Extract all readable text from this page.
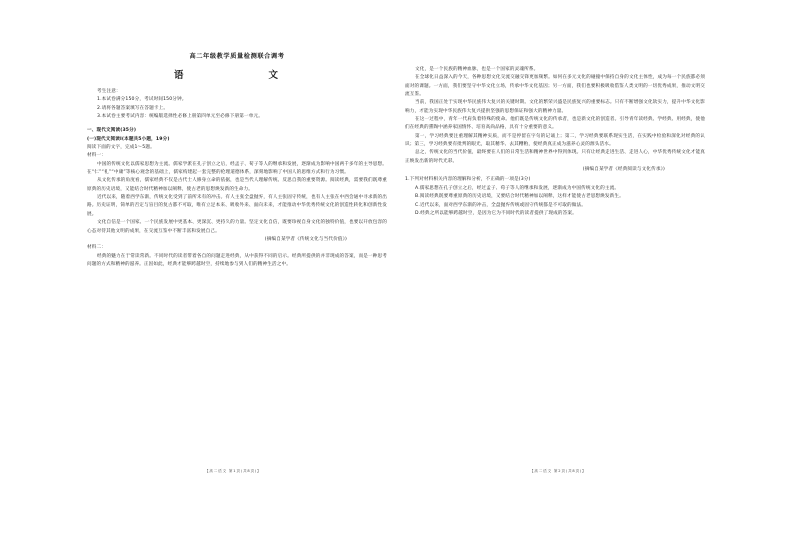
高二年级教学质量检测联合调考
语　　文

考生注意：

1.本试卷满分150分，考试时间150分钟。

2.请将各题答案填写在答题卡上。

3.本试卷主要考试内容：统编版选择性必修上册第四单元至必修下册第一单元。

一、现代文阅读(35分)

(一)现代文阅读Ⅰ(本题共5小题，19分)

阅读下面的文字，完成1～5题。

材料一：

中国的传统文化以儒家思想为主流。儒家学派在孔子创立之后，经孟子、荀子等人的继承和发展，逐渐成为影响中国两千多年的主导思想。在“仁”“礼”“中庸”等核心观念的基础上，儒家构建起一套完整的伦理道德体系，深刻地影响了中国人的思维方式和行为习惯。

从文化传承的角度看，儒家经典不仅是古代士人修身立命的依据，也是当代人理解传统、反思自我的重要资源。阅读经典，需要我们既尊重原典的历史语境，又能结合时代精神加以阐释，使古老的思想焕发新的生命力。

近代以来，随着西学东渐，传统文化受到了前所未有的冲击。有人主张全盘抛弃，有人主张固守传统，也有人主张在中西会通中寻求新的出路。历史证明，简单的否定与盲目的复古都不可取，唯有立足本来、吸收外来、面向未来，才能推动中华优秀传统文化的创造性转化和创新性发展。

文化自信是一个国家、一个民族发展中更基本、更深沉、更持久的力量。坚定文化自信，既要珍视自身文化的独特价值，也要以开放包容的心态对待其他文明的成果，在交流互鉴中不断丰富和发展自己。

(摘编自某学者《传统文化与当代价值》)

材料二：

经典的魅力在于常读常新。不同时代的读者带着各自的问题走进经典，从中获得不同的启示。经典所提供的并非现成的答案，而是一种思考问题的方式和精神的滋养。正因如此，经典才能够跨越时空，持续地参与到人们的精神生活之中。

文化，是一个民族的精神血脉，也是一个国家的灵魂所系。

在全球化日益深入的今天，各种思想文化交流交融交锋更加频繁。如何在多元文化的碰撞中保持自身的文化主体性，成为每一个民族都必须面对的课题。一方面，我们要坚守中华文化立场，传承中华文化基因；另一方面，我们也要积极吸收借鉴人类文明的一切优秀成果，推动文明交流互鉴。

当前，我国正处于实现中华民族伟大复兴的关键时期。文化的繁荣兴盛是民族复兴的重要标志。只有不断增强文化软实力，提升中华文化影响力，才能为实现中华民族伟大复兴提供坚强的思想保证和强大的精神力量。

在这一过程中，青年一代肩负着特殊的使命。他们既是传统文化的传承者，也是新文化的创造者。引导青年读经典、学经典、用经典，使他们在经典的熏陶中涵养家国情怀、培育高尚品格，具有十分重要的意义。

第一，学习经典要注重理解其精神实质，而不是停留在字句的记诵上；第二，学习经典要联系现实生活，在实践中检验和深化对经典的认识；第三，学习经典要有批判的眼光，取其精华、去其糟粕，使经典真正成为滋养心灵的源头活水。

总之，传统文化的当代价值，最终要在人们的日常生活和精神世界中得到体现。只有让经典走进生活、走进人心，中华优秀传统文化才能真正焕发出新的时代光彩。

(摘编自某学者《经典阅读与文化传承》)

1.下列对材料相关内容的理解和分析，不正确的一项是(3分)

A.儒家思想在孔子创立之后，经过孟子、荀子等人的继承和发展，逐渐成为中国传统文化的主流。

B.阅读经典既要尊重原典的历史语境，又要结合时代精神加以阐释，这样才能使古老思想焕发新生。

C.近代以来，面对西学东渐的冲击，全盘抛弃传统或固守传统都是不可取的做法。

D.经典之所以能够跨越时空，是因为它为不同时代的读者提供了现成的答案。

【高二语文 第1页(共8页)】	【高二语文 第2页(共8页)】
